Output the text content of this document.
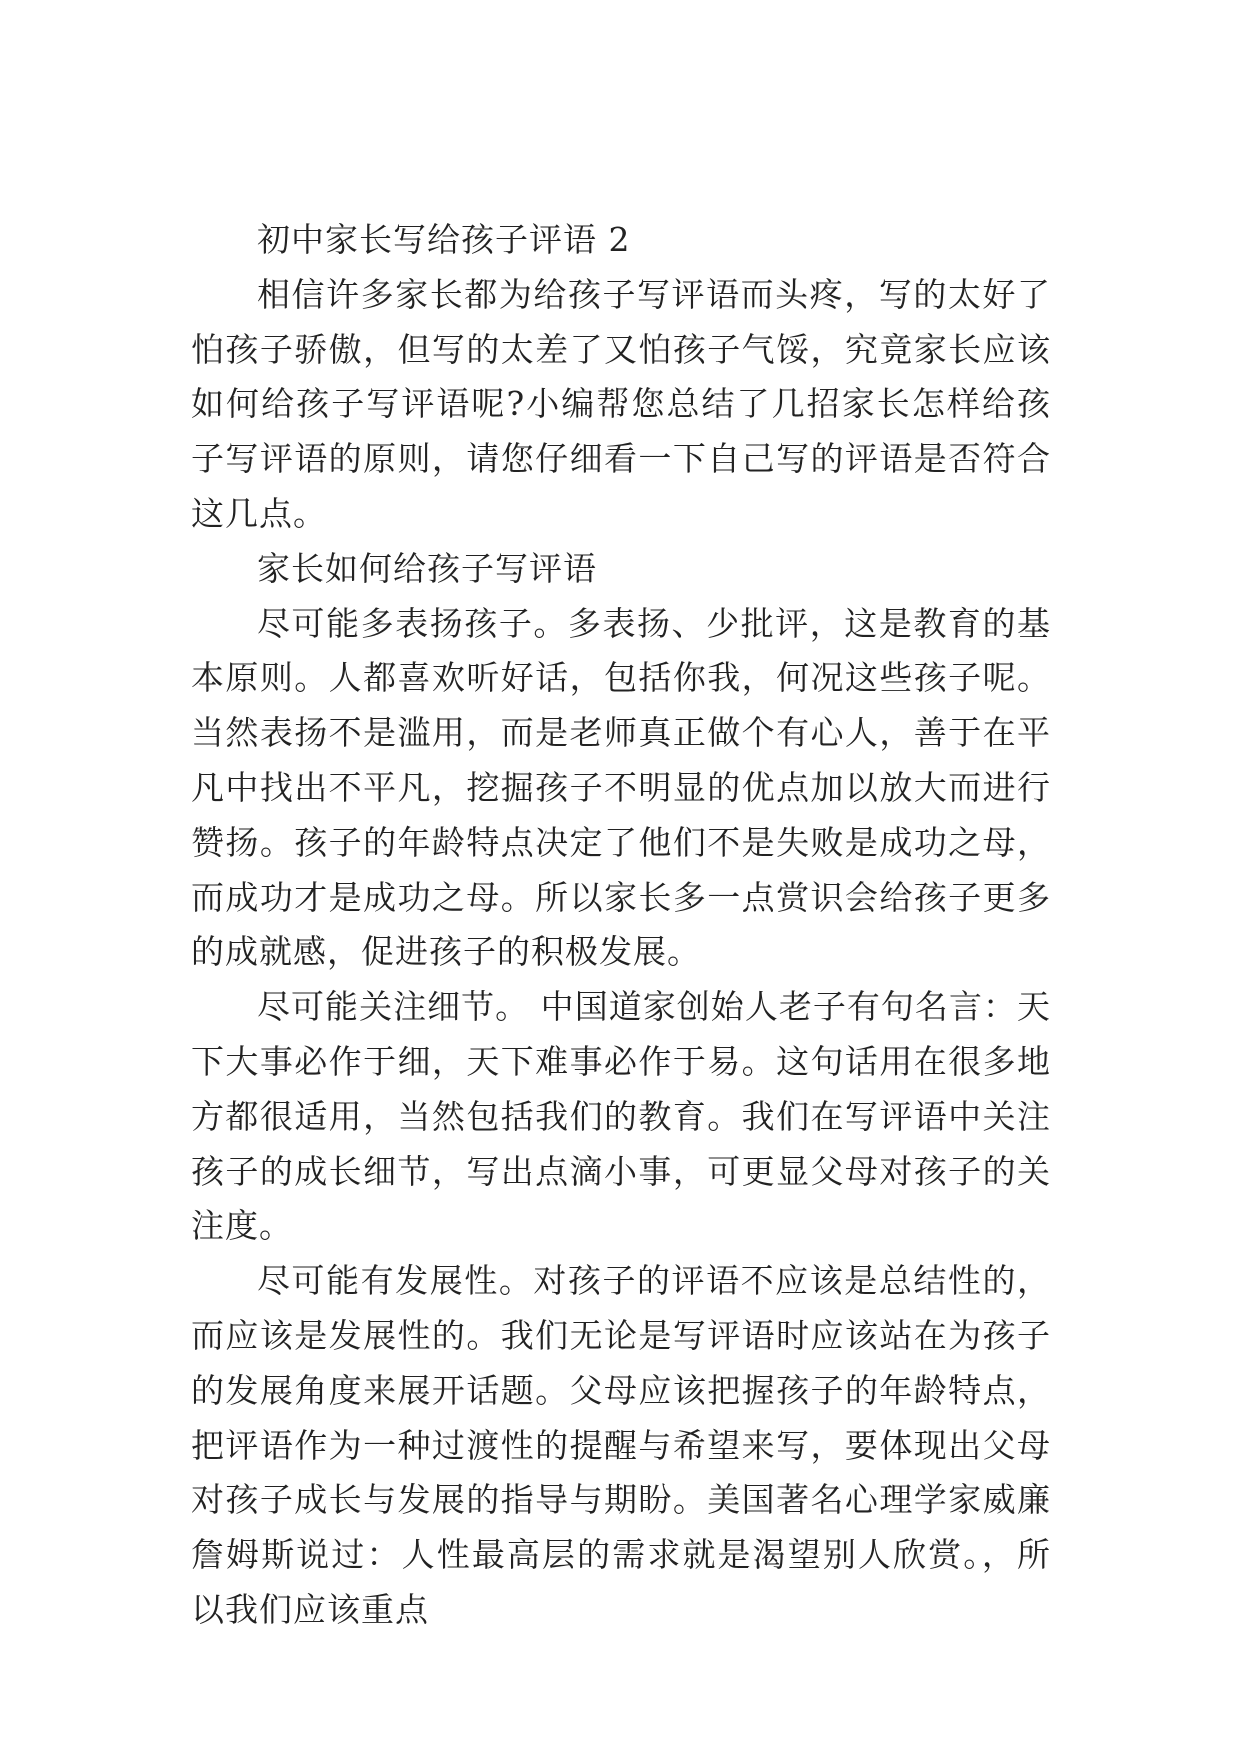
初中家长写给孩子评语 2

相信许多家长都为给孩子写评语而头疼，写的太好了怕孩子骄傲，但写的太差了又怕孩子气馁，究竟家长应该如何给孩子写评语呢?小编帮您总结了几招家长怎样给孩子写评语的原则，请您仔细看一下自己写的评语是否符合这几点。

家长如何给孩子写评语

尽可能多表扬孩子。多表扬、少批评，这是教育的基本原则。人都喜欢听好话，包括你我，何况这些孩子呢。当然表扬不是滥用，而是老师真正做个有心人，善于在平凡中找出不平凡，挖掘孩子不明显的优点加以放大而进行赞扬。孩子的年龄特点决定了他们不是失败是成功之母，而成功才是成功之母。所以家长多一点赏识会给孩子更多的成就感，促进孩子的积极发展。

尽可能关注细节。 中国道家创始人老子有句名言：天下大事必作于细，天下难事必作于易。这句话用在很多地方都很适用，当然包括我们的教育。我们在写评语中关注孩子的成长细节，写出点滴小事，可更显父母对孩子的关注度。

尽可能有发展性。对孩子的评语不应该是总结性的，而应该是发展性的。我们无论是写评语时应该站在为孩子的发展角度来展开话题。父母应该把握孩子的年龄特点，把评语作为一种过渡性的提醒与希望来写，要体现出父母对孩子成长与发展的指导与期盼。美国著名心理学家威廉詹姆斯说过：人性最高层的需求就是渴望别人欣赏。，所以我们应该重点
